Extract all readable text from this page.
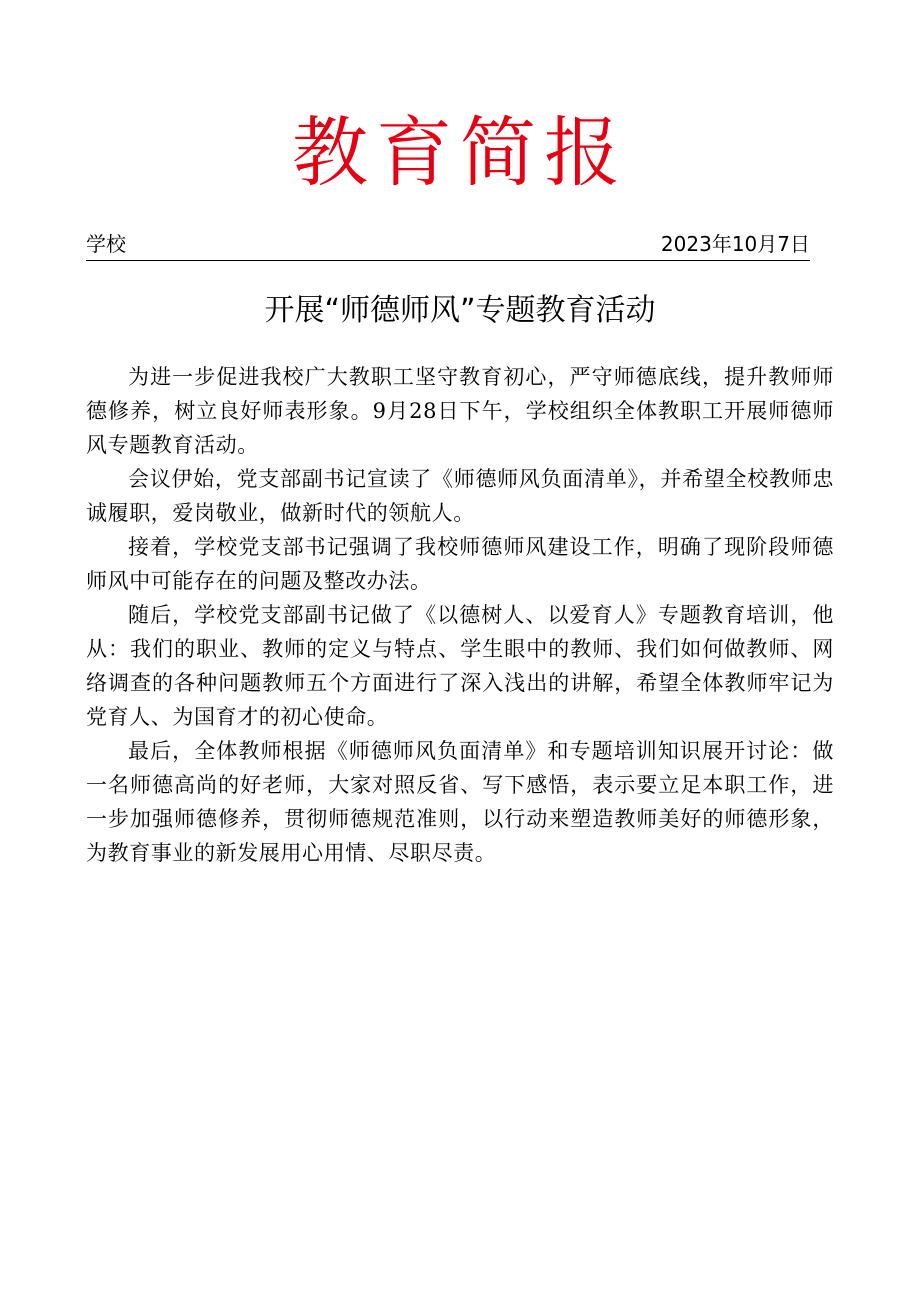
教育简报
学校	2023年10月7日
开展“师德师风”专题教育活动

为进一步促进我校广大教职工坚守教育初心，严守师德底线，提升教师师德修养，树立良好师表形象。9月28日下午，学校组织全体教职工开展师德师风专题教育活动。

会议伊始，党支部副书记宣读了《师德师风负面清单》，并希望全校教师忠诚履职，爱岗敬业，做新时代的领航人。

接着，学校党支部书记强调了我校师德师风建设工作，明确了现阶段师德师风中可能存在的问题及整改办法。

随后，学校党支部副书记做了《以德树人、以爱育人》专题教育培训，他从：我们的职业、教师的定义与特点、学生眼中的教师、我们如何做教师、网络调查的各种问题教师五个方面进行了深入浅出的讲解，希望全体教师牢记为党育人、为国育才的初心使命。

最后，全体教师根据《师德师风负面清单》和专题培训知识展开讨论：做一名师德高尚的好老师，大家对照反省、写下感悟，表示要立足本职工作，进一步加强师德修养，贯彻师德规范准则，以行动来塑造教师美好的师德形象，为教育事业的新发展用心用情、尽职尽责。
